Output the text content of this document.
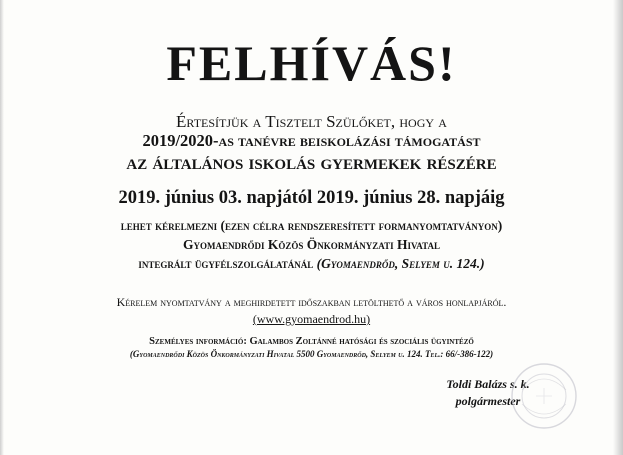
FELHÍVÁS!
Értesítjük a Tisztelt Szülőket, hogy a
2019/2020-as tanévre beiskolázási támogatást
az általános iskolás gyermekek részére
2019. június 03. napjától 2019. június 28. napjáig
lehet kérelmezni (ezen célra rendszeresített formanyomtatványon)
Gyomaendrődi Közös Önkormányzati Hivatal
integrált ügyfélszolgálatánál (Gyomaendrőd, Selyem u. 124.)
Kérelem nyomtatvány a meghirdetett időszakban letölthető a város honlapjáról.
(www.gyomaendrod.hu)
Személyes információ: Galambos Zoltánné hatósági és szociális ügyintéző
(Gyomaendrődi Közös Önkormányzati Hivatal 5500 Gyomaendrőd, Selyem u. 124. Tel.: 66/-386-122)
Toldi Balázs s. k.
polgármester
